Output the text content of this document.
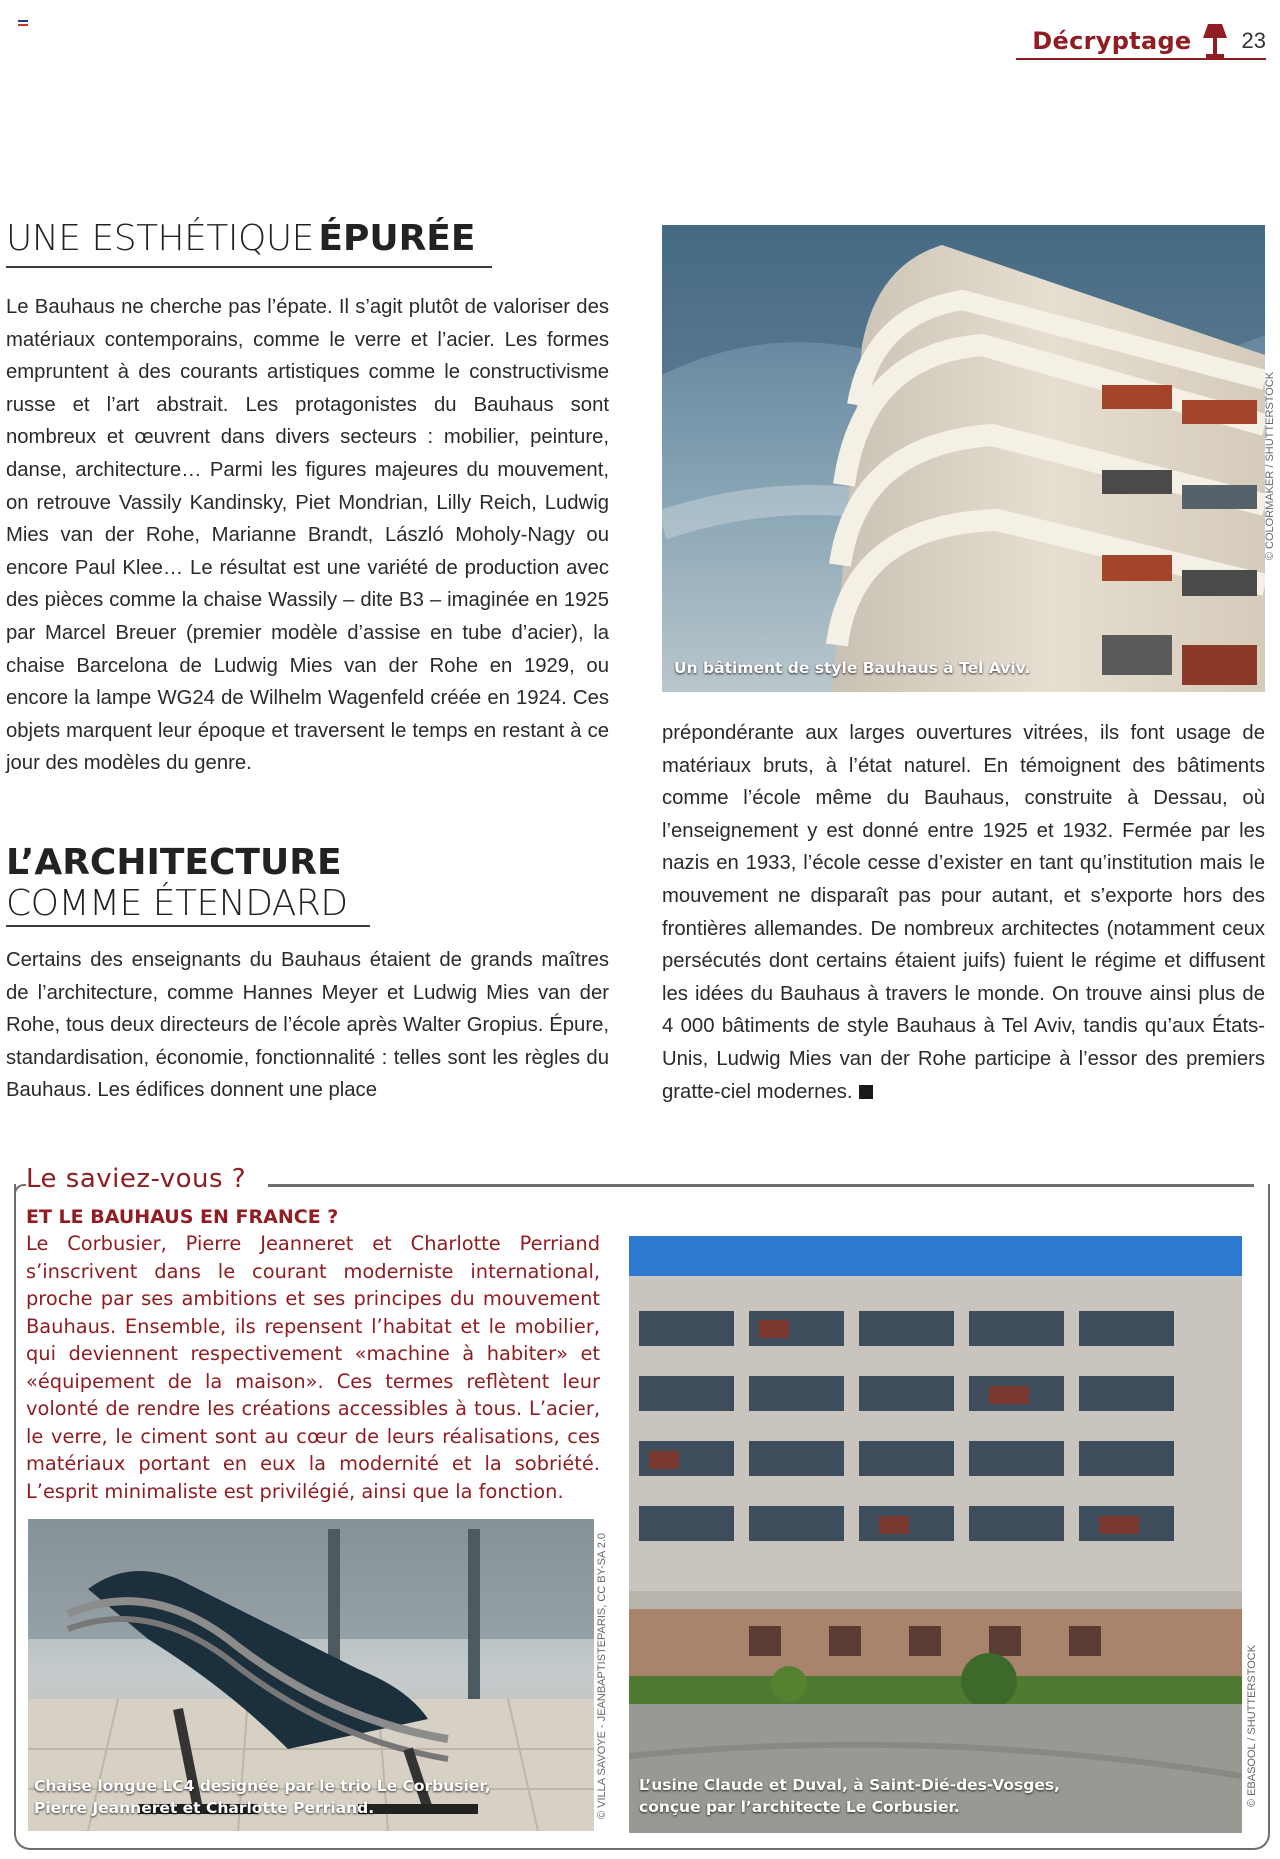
Décryptage 23
UNE ESTHÉTIQUE ÉPURÉE

Le Bauhaus ne cherche pas l’épate. Il s’agit plutôt de valoriser des matériaux contemporains, comme le verre et l’acier. Les formes empruntent à des courants artistiques comme le constructivisme russe et l’art abstrait. Les protagonistes du Bauhaus sont nombreux et œuvrent dans divers secteurs : mobilier, peinture, danse, architecture… Parmi les figures majeures du mouvement, on retrouve Vassily Kandinsky, Piet Mondrian, Lilly Reich, Ludwig Mies van der Rohe, Marianne Brandt, László Moholy-Nagy ou encore Paul Klee… Le résultat est une variété de production avec des pièces comme la chaise Wassily – dite B3 – imaginée en 1925 par Marcel Breuer (premier modèle d’assise en tube d’acier), la chaise Barcelona de Ludwig Mies van der Rohe en 1929, ou encore la lampe WG24 de Wilhelm Wagenfeld créée en 1924. Ces objets marquent leur époque et traversent le temps en restant à ce jour des modèles du genre.

L’ARCHITECTURE
COMME ÉTENDARD

Certains des enseignants du Bauhaus étaient de grands maîtres de l’architecture, comme Hannes Meyer et Ludwig Mies van der Rohe, tous deux directeurs de l’école après Walter Gropius. Épure, standardisation, économie, fonctionnalité : telles sont les règles du Bauhaus. Les édifices donnent une place

Un bâtiment de style Bauhaus à Tel Aviv.
© COLORMAKER / SHUTTERSTOCK

prépondérante aux larges ouvertures vitrées, ils font usage de matériaux bruts, à l’état naturel. En témoignent des bâtiments comme l’école même du Bauhaus, construite à Dessau, où l’enseignement y est donné entre 1925 et 1932. Fermée par les nazis en 1933, l’école cesse d’exister en tant qu’institution mais le mouvement ne disparaît pas pour autant, et s’exporte hors des frontières allemandes. De nombreux architectes (notamment ceux persécutés dont certains étaient juifs) fuient le régime et diffusent les idées du Bauhaus à travers le monde. On trouve ainsi plus de 4 000 bâtiments de style Bauhaus à Tel Aviv, tandis qu’aux États-Unis, Ludwig Mies van der Rohe participe à l’essor des premiers gratte-ciel modernes.

Le saviez-vous ?
ET LE BAUHAUS EN FRANCE ?

Le Corbusier, Pierre Jeanneret et Charlotte Perriand s’inscrivent dans le courant moderniste international, proche par ses ambitions et ses principes du mouvement Bauhaus. Ensemble, ils repensent l’habitat et le mobilier, qui deviennent respectivement «machine à habiter» et «équipement de la maison». Ces termes reflètent leur volonté de rendre les créations accessibles à tous. L’acier, le verre, le ciment sont au cœur de leurs réalisations, ces matériaux portant en eux la modernité et la sobriété. L’esprit minimaliste est privilégié, ainsi que la fonction.

Chaise longue LC4 designée par le trio Le Corbusier,
Pierre Jeanneret et Charlotte Perriand.	© VILLA SAVOYE - JEANBAPTISTEPARIS, CC BY-SA 2.0 L’usine Claude et Duval, à Saint-Dié-des-Vosges,
conçue par l’architecte Le Corbusier.	© EBASOOL / SHUTTERSTOCK
